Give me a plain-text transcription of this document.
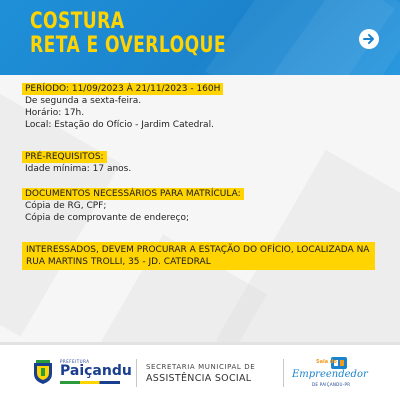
COSTURA
RETA E OVERLOQUE
PERÍODO: 11/09/2023 À 21/11/2023 - 160H
De segunda a sexta-feira.
Horário: 17h.
Local: Estação do Ofício - Jardim Catedral.
PRÉ-REQUISITOS:
Idade mínima: 17 anos.
DOCUMENTOS NECESSÁRIOS PARA MATRÍCULA:
Cópia de RG, CPF;
Cópia de comprovante de endereço;
INTERESSADOS, DEVEM PROCURAR A ESTAÇÃO DO OFÍCIO, LOCALIZADA NA
RUA MARTINS TROLLI, 35 - JD. CATEDRAL
PREFEITURA
Paiçandu SECRETARIA MUNICIPAL DE
ASSISTÊNCIA SOCIAL
Sala do
Empreendedor
DE PAIÇANDU-PR
